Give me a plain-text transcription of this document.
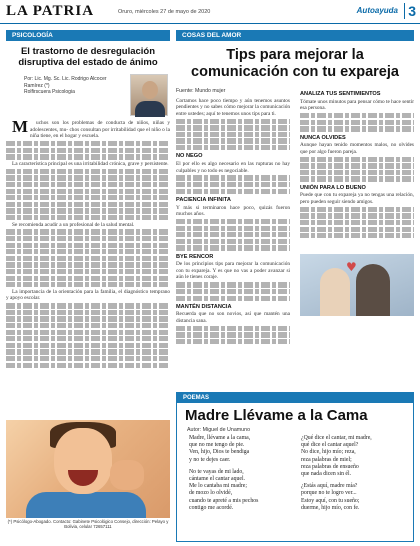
LA PATRIA	Oruro, miércoles 27 de mayo de 2020	Autoayuda 3
PSICOLOGÍA
El trastorno de desregulación disruptiva del estado de ánimo
Por: Lic. Mg. Sc. Lic. Rodrigo Alcocer Ramírez (*)
Rolfirscuera Psicologia

M	uchos son los problemas de conducta de niños, niñas y adolescentes, mu- chos consultan por irritabilidad que el niño o la niña tiene, en el hogar y escuela.

La característica principal es una irritabilidad crónica, grave y persistente.

Se recomienda acudir a un profesional de la salud mental.

La importancia de la orientación para la familia, el diagnóstico temprano y apoyo escolar.

(*) Psicólogo-Abogado. Contacto: Gabinete Psicológico Consejo, dirección: Pelayo y Bolivia, celular 72657111
COSAS DEL AMOR
Tips para mejorar la comunicación con tu expareja
Fuente: Mundo mujer

Cortamos hace poco tiempo y aún tenemos asuntos pendientes y no sabes cómo mejorar la comunicación entre ustedes; aquí te tenemos unos tips para ti.

NO NEGO

El por ello es algo necesario en las rupturas no hay culpables y no todo es negociable.

PACIENCIA INFINITA

Y más si terminaron hace poco, quizás fueron muchos años.

BYE RENCOR

De los principios tips para mejorar la comunicación con tu expareja. Y es que no vas a poder avanzar si aún le tienes coraje.

MANTÉN DISTANCIA

Recuerda que no son novios, así que mantén una distancia sana.

ANALIZA TUS SENTIMIENTOS

Tómate unos minutos para pensar cómo te hace sentir esa persona.

NUNCA OLVIDES

Aunque hayan tenido momentos malos, no olvides que por algo fueron pareja.

UNIÓN PARA LO BUENO

Puede que con tu expareja ya no tengas una relación, pero pueden seguir siendo amigos.

♥
POEMAS
Madre Llévame a la Cama
Autor: Miguel de Unamuno
Madre, llévame a la cama,
que no me tengo de pie.
Ven, hijo, Dios te bendiga
y no te dejes caer.
No te vayas de mi lado,
cántame el cantar aquel.
Me lo cantaba mi madre;
de mozo lo olvidé,
cuando te apreté a mis pechos
contigo me acordé.
¿Qué dice el cantar, mi madre,
qué dice el cantar aquel?
No dice, hijo mío; reza,
reza palabras de miel;
reza palabras de ensueño
que nada dicen sin él.
¿Estás aquí, madre mía?
porque no te logro ver...
Estoy aquí, con tu sueño;
duerme, hijo mío, con fe.
